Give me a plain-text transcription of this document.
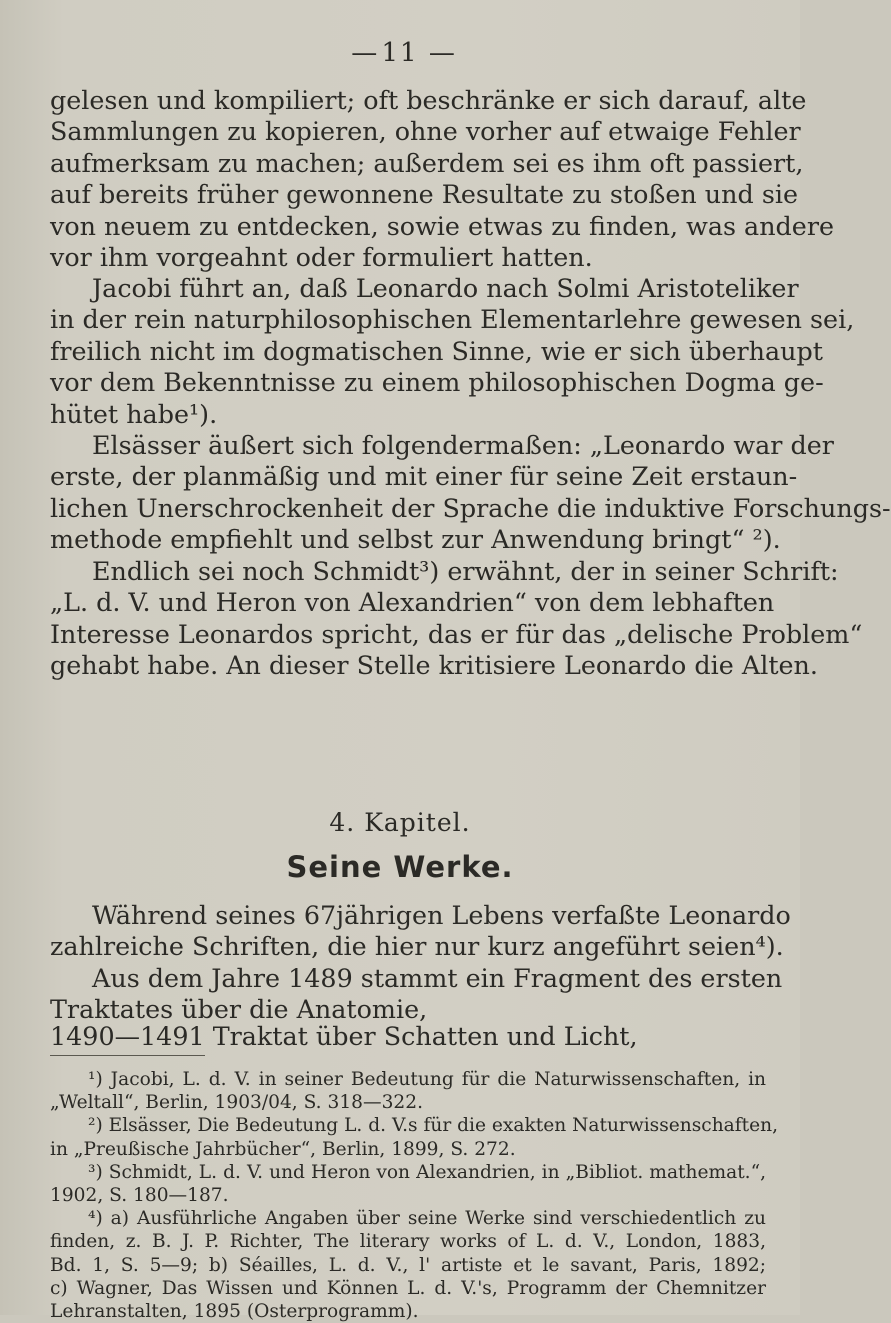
— 11 —
gelesen und kompiliert; oft beschränke er sich darauf, alte
Sammlungen zu kopieren, ohne vorher auf etwaige Fehler
aufmerksam zu machen; außerdem sei es ihm oft passiert,
auf bereits früher gewonnene Resultate zu stoßen und sie
von neuem zu entdecken, sowie etwas zu finden, was andere
vor ihm vorgeahnt oder formuliert hatten.
Jacobi führt an, daß Leonardo nach Solmi Aristoteliker
in der rein naturphilosophischen Elementarlehre gewesen sei,
freilich nicht im dogmatischen Sinne, wie er sich überhaupt
vor dem Bekenntnisse zu einem philosophischen Dogma ge-
hütet habe¹).
Elsässer äußert sich folgendermaßen: „Leonardo war der
erste, der planmäßig und mit einer für seine Zeit erstaun-
lichen Unerschrockenheit der Sprache die induktive Forschungs-
methode empfiehlt und selbst zur Anwendung bringt“ ²).
Endlich sei noch Schmidt³) erwähnt, der in seiner Schrift:
„L. d. V. und Heron von Alexandrien“ von dem lebhaften
Interesse Leonardos spricht, das er für das „delische Problem“
gehabt habe. An dieser Stelle kritisiere Leonardo die Alten.
4. Kapitel.
Seine Werke.
Während seines 67jährigen Lebens verfaßte Leonardo
zahlreiche Schriften, die hier nur kurz angeführt seien⁴).
Aus dem Jahre 1489 stammt ein Fragment des ersten
Traktates über die Anatomie,
1490—1491 Traktat über Schatten und Licht,
¹) Jacobi, L. d. V. in seiner Bedeutung für die Naturwissenschaften, in
„Weltall“, Berlin, 1903/04, S. 318—322.
²) Elsässer, Die Bedeutung L. d. V.s für die exakten Naturwissenschaften,
in „Preußische Jahrbücher“, Berlin, 1899, S. 272.
³) Schmidt, L. d. V. und Heron von Alexandrien, in „Bibliot. mathemat.“,
1902, S. 180—187.
⁴) a) Ausführliche Angaben über seine Werke sind verschiedentlich zu
finden, z. B. J. P. Richter, The literary works of L. d. V., London, 1883,
Bd. 1, S. 5—9; b) Séailles, L. d. V., l' artiste et le savant, Paris, 1892;
c) Wagner, Das Wissen und Können L. d. V.'s, Programm der Chemnitzer
Lehranstalten, 1895 (Osterprogramm).
